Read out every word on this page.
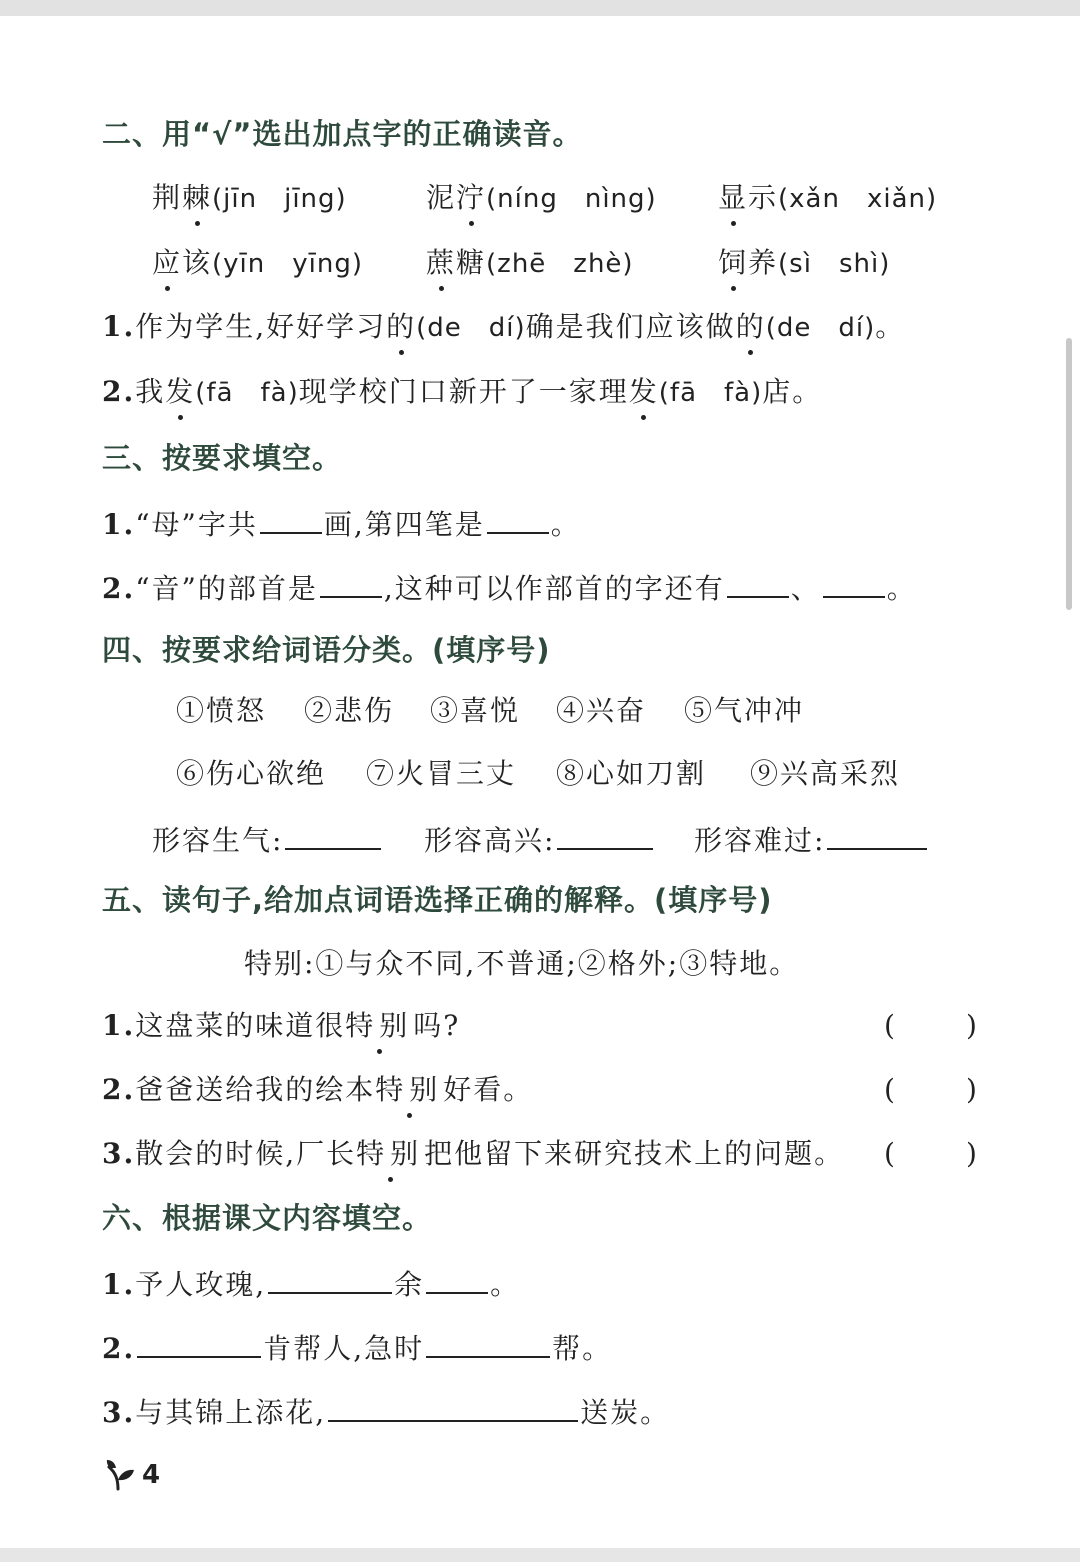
二、用“√”选出加点字的正确读音。
荆棘(jīn　jīng)	泥泞(níng　nìng) 显示(xǎn　xiǎn)
应该(yīn　yīng) 蔗糖(zhē　zhè)	饲养(sì　shì)
1.作为学生,好好学习的(de　dí)确是我们应该做的(de　dí)。
2.我发(fā　fà)现学校门口新开了一家理发(fā　fà)店。
三、按要求填空。
1.“母”字共 画,第四笔是 。
2.“音”的部首是 ,这种可以作部首的字还有 、 。
四、按要求给词语分类。(填序号)
①愤怒 ②悲伤 ③喜悦 ④兴奋 ⑤气冲冲
⑥伤心欲绝 ⑦火冒三丈 ⑧心如刀割 ⑨兴高采烈
形容生气:	形容高兴:	形容难过:
五、读句子,给加点词语选择正确的解释。(填序号)
特别:①与众不同,不普通;②格外;③特地。
1.这盘菜的味道很特别吗?	(	)
2.爸爸送给我的绘本特别好看。	(	)
3.散会的时候,厂长特别把他留下来研究技术上的问题。 (	)
六、根据课文内容填空。
1.予人玫瑰,	余 。
2.	肯帮人,急时	帮。
3.与其锦上添花,	送炭。
4
